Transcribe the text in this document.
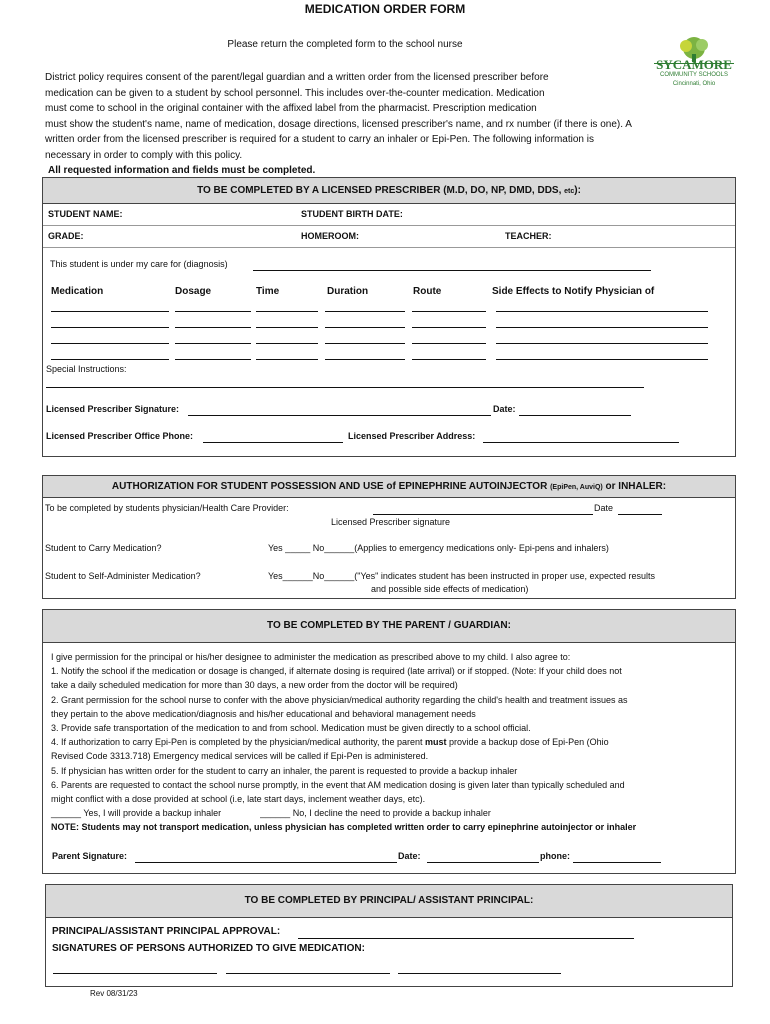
MEDICATION ORDER FORM
Please return the completed form to the school nurse
SYCAMORE
COMMUNITY SCHOOLS
Cincinnati, Ohio
District policy requires consent of the parent/legal guardian and a written order from the licensed prescriber before
medication can be given to a student by school personnel. This includes over-the-counter medication. Medication
must come to school in the original container with the affixed label from the pharmacist. Prescription medication
must show the student's name, name of medication, dosage directions, licensed prescriber's name, and rx number (if there is one). A
written order from the licensed prescriber is required for a student to carry an inhaler or Epi-Pen. The following information is
necessary in order to comply with this policy.
All requested information and fields must be completed.
TO BE COMPLETED BY A LICENSED PRESCRIBER (M.D, DO, NP, DMD, DDS, etc):
STUDENT NAME:	STUDENT BIRTH DATE:
GRADE:	HOMEROOM:	TEACHER:
This student is under my care for (diagnosis)
Medication	Dosage	Time	Duration	Route	Side Effects to Notify Physician of
Special Instructions:
Licensed Prescriber Signature:	Date:
Licensed Prescriber Office Phone:	Licensed Prescriber Address:
AUTHORIZATION FOR STUDENT POSSESSION AND USE of EPINEPHRINE AUTOINJECTOR (EpiPen, AuviQ) or INHALER:
To be completed by students physician/Health Care Provider:	Date
Licensed Prescriber signature
Student to Carry Medication?	Yes _____ No______(Applies to emergency medications only- Epi-pens and inhalers)
Student to Self-Administer Medication?	Yes______No______("Yes" indicates student has been instructed in proper use, expected results
and possible side effects of medication)
TO BE COMPLETED BY THE PARENT / GUARDIAN:
I give permission for the principal or his/her designee to administer the medication as prescribed above to my child. I also agree to:
1. Notify the school if the medication or dosage is changed, if alternate dosing is required (late arrival) or if stopped. (Note: If your child does not
take a daily scheduled medication for more than 30 days, a new order from the doctor will be required)
2. Grant permission for the school nurse to confer with the above physician/medical authority regarding the child's health and treatment issues as
they pertain to the above medication/diagnosis and his/her educational and behavioral management needs
3. Provide safe transportation of the medication to and from school. Medication must be given directly to a school official.
4. If authorization to carry Epi-Pen is completed by the physician/medical authority, the parent must provide a backup dose of Epi-Pen (Ohio
Revised Code 3313.718) Emergency medical services will be called if Epi-Pen is administered.
5. If physician has written order for the student to carry an inhaler, the parent is requested to provide a backup inhaler
6. Parents are requested to contact the school nurse promptly, in the event that AM medication dosing is given later than typically scheduled and
might conflict with a dose provided at school (i.e, late start days, inclement weather days, etc).
______ Yes, I will provide a backup inhaler	______ No, I decline the need to provide a backup inhaler
NOTE: Students may not transport medication, unless physician has completed written order to carry epinephrine autoinjector or inhaler
Parent Signature:	Date:	phone:
TO BE COMPLETED BY PRINCIPAL/ ASSISTANT PRINCIPAL:
PRINCIPAL/ASSISTANT PRINCIPAL APPROVAL:
SIGNATURES OF PERSONS AUTHORIZED TO GIVE MEDICATION:
Rev 08/31/23
